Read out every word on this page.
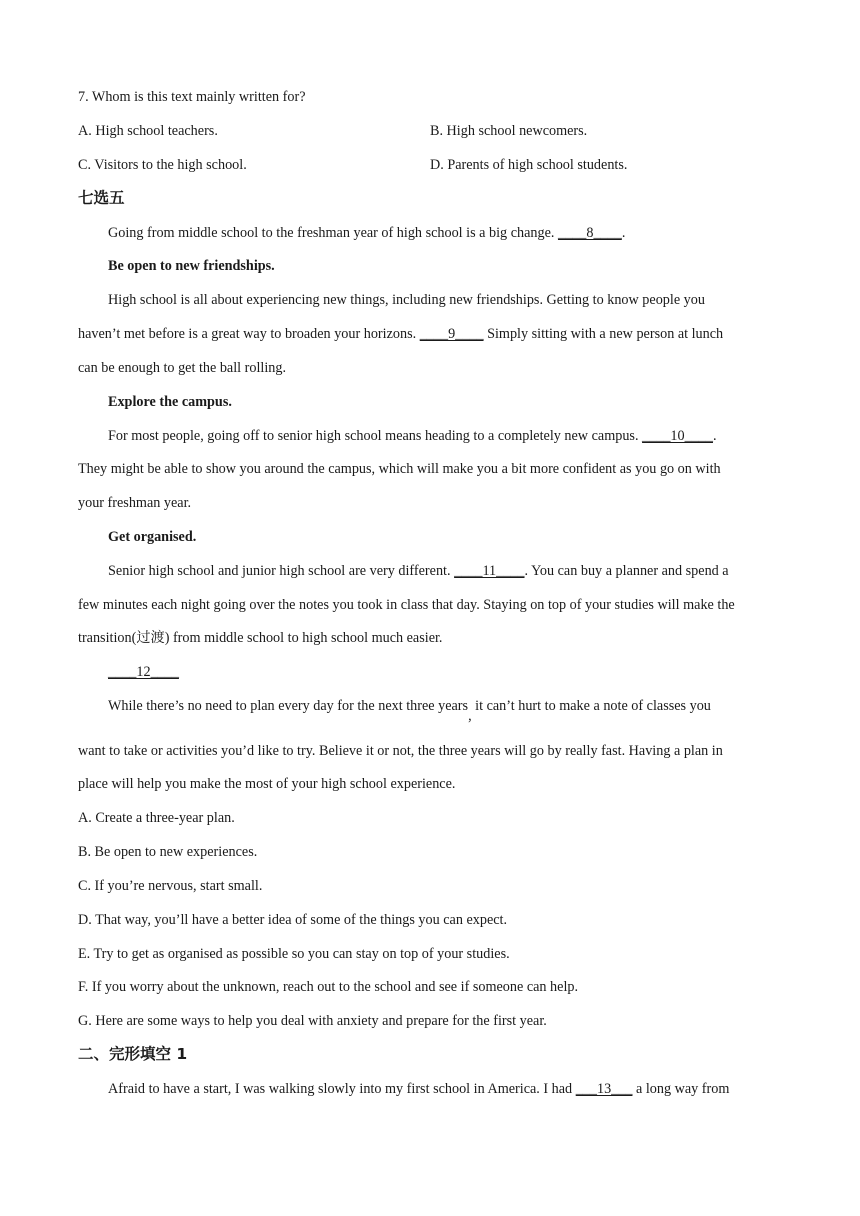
7. Whom is this text mainly written for?
A. High school teachers.	B. High school newcomers.
C. Visitors to the high school.	D. Parents of high school students.
七选五
Going from middle school to the freshman year of high school is a big change. ____8____.
Be open to new friendships.
High school is all about experiencing new things, including new friendships. Getting to know people you
haven’t met before is a great way to broaden your horizons. ____9____ Simply sitting with a new person at lunch
can be enough to get the ball rolling.
Explore the campus.
For most people, going off to senior high school means heading to a completely new campus. ____10____.
They might be able to show you around the campus, which will make you a bit more confident as you go on with
your freshman year.
Get organised.
Senior high school and junior high school are very different. ____11____. You can buy a planner and spend a
few minutes each night going over the notes you took in class that day. Staying on top of your studies will make the
transition(过渡) from middle school to high school much easier.
____12____
While there’s no need to plan every day for the next three years, it can’t hurt to make a note of classes you
want to take or activities you’d like to try. Believe it or not, the three years will go by really fast. Having a plan in
place will help you make the most of your high school experience.
A. Create a three-year plan.
B. Be open to new experiences.
C. If you’re nervous, start small.
D. That way, you’ll have a better idea of some of the things you can expect.
E. Try to get as organised as possible so you can stay on top of your studies.
F. If you worry about the unknown, reach out to the school and see if someone can help.
G. Here are some ways to help you deal with anxiety and prepare for the first year.
二、完形填空 1
Afraid to have a start, I was walking slowly into my first school in America. I had ___13___ a long way from
